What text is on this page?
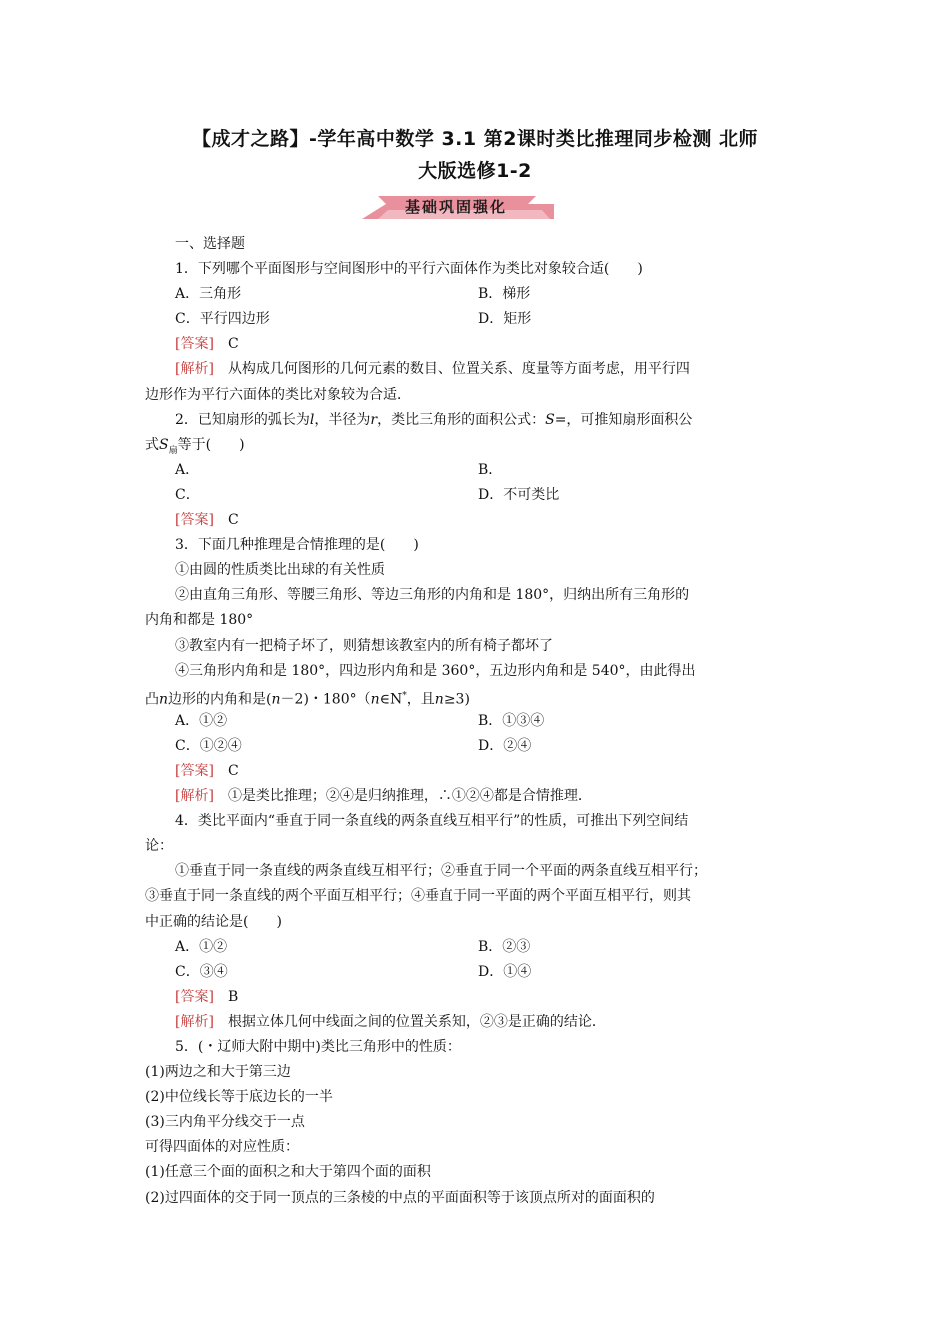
【成才之路】-学年高中数学 3.1 第2课时类比推理同步检测 北师
大版选修1-2
基础巩固强化
一、选择题
1．下列哪个平面图形与空间图形中的平行六面体作为类比对象较合适(　　)
A．三角形	B．梯形
C．平行四边形	D．矩形
[答案]　 C
[解析]　 从构成几何图形的几何元素的数目、位置关系、度量等方面考虑，用平行四
边形作为平行六面体的类比对象较为合适．
2．已知扇形的弧长为l，半径为r，类比三角形的面积公式：S=，可推知扇形面积公
式$S_扇$等于(　　)
A．	B．
C．	D．不可类比
[答案]　 C
3．下面几种推理是合情推理的是(　　)
①由圆的性质类比出球的有关性质
②由直角三角形、等腰三角形、等边三角形的内角和是 180°，归纳出所有三角形的
内角和都是 180°
③教室内有一把椅子坏了，则猜想该教室内的所有椅子都坏了
④三角形内角和是 180°，四边形内角和是 360°，五边形内角和是 540°，由此得出
凸n边形的内角和是(n－2)・180°（n∈N*，且n≥3)
A．①②	B．①③④
C．①②④	D．②④
[答案]　 C
[解析]　 ①是类比推理；②④是归纳推理，∴①②④都是合情推理．
4．类比平面内“垂直于同一条直线的两条直线互相平行”的性质，可推出下列空间结
论：
①垂直于同一条直线的两条直线互相平行；②垂直于同一个平面的两条直线互相平行；
③垂直于同一条直线的两个平面互相平行；④垂直于同一平面的两个平面互相平行，则其
中正确的结论是(　　)
A．①②	B．②③
C．③④	D．①④
[答案]　 B
[解析]　 根据立体几何中线面之间的位置关系知，②③是正确的结论．
5．(・辽师大附中期中)类比三角形中的性质：
(1)两边之和大于第三边
(2)中位线长等于底边长的一半
(3)三内角平分线交于一点
可得四面体的对应性质：
(1)任意三个面的面积之和大于第四个面的面积
(2)过四面体的交于同一顶点的三条棱的中点的平面面积等于该顶点所对的面面积的
